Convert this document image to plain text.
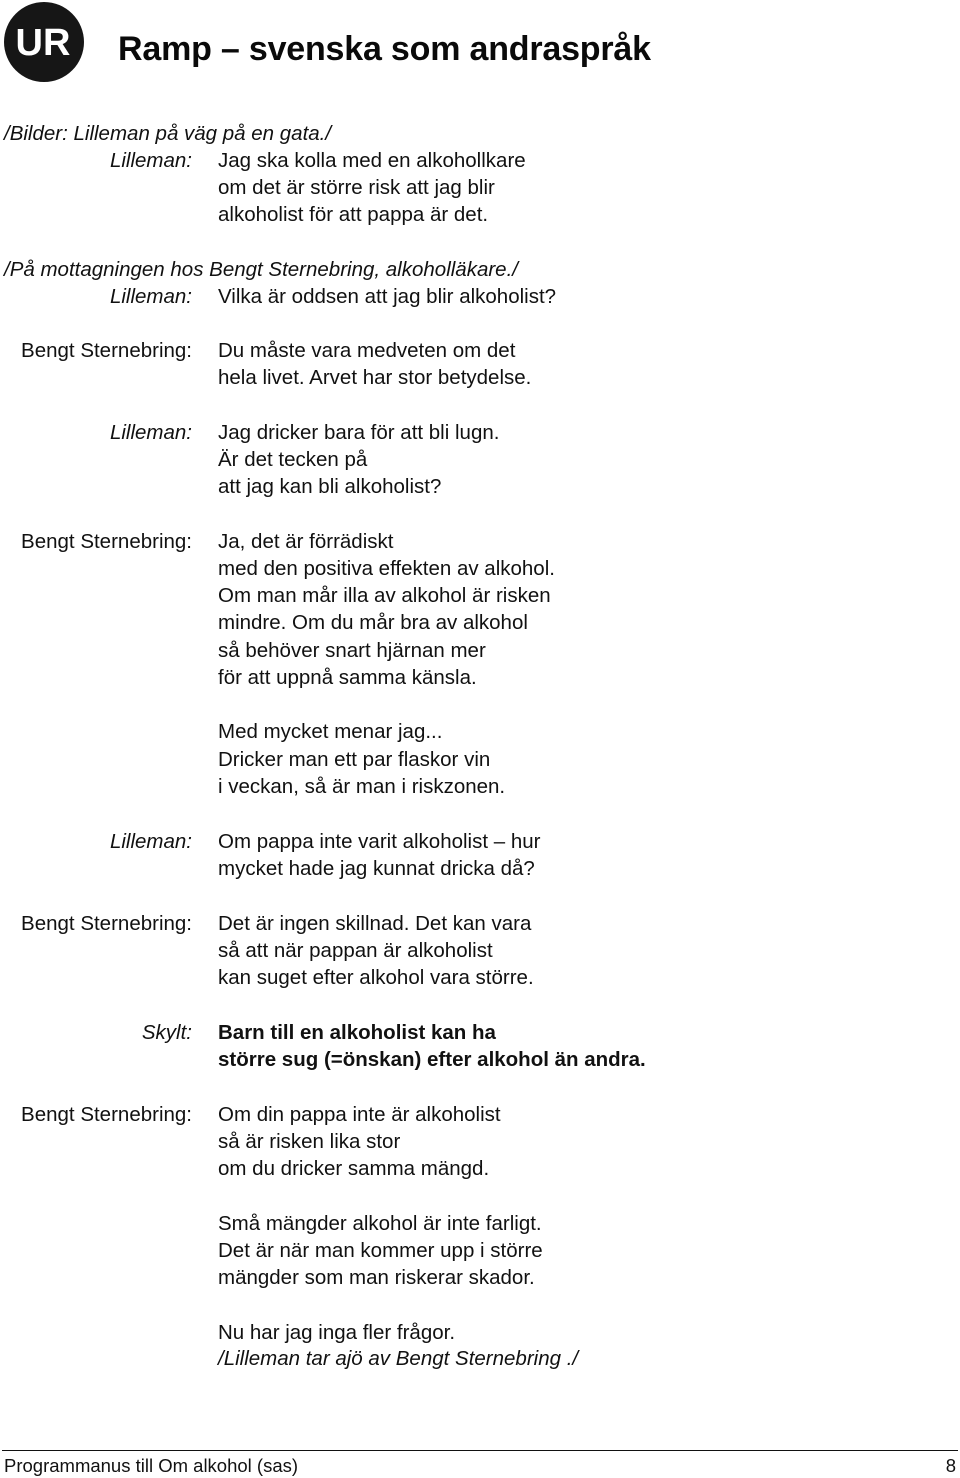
UR Ramp – svenska som andraspråk
/Bilder: Lilleman på väg på en gata./
Lilleman: Jag ska kolla med en alkohollkare
om det är större risk att jag blir
alkoholist för att pappa är det.
/På mottagningen hos Bengt Sternebring, alkoholläkare./
Lilleman: Vilka är oddsen att jag blir alkoholist?
Bengt Sternebring: Du måste vara medveten om det
hela livet. Arvet har stor betydelse.
Lilleman: Jag dricker bara för att bli lugn.
Är det tecken på
att jag kan bli alkoholist?
Bengt Sternebring: Ja, det är förrädiskt
med den positiva effekten av alkohol.
Om man mår illa av alkohol är risken
mindre. Om du mår bra av alkohol
så behöver snart hjärnan mer
för att uppnå samma känsla.
Med mycket menar jag...
Dricker man ett par flaskor vin
i veckan, så är man i riskzonen.
Lilleman: Om pappa inte varit alkoholist – hur
mycket hade jag kunnat dricka då?
Bengt Sternebring: Det är ingen skillnad. Det kan vara
så att när pappan är alkoholist
kan suget efter alkohol vara större.
Skylt: Barn till en alkoholist kan ha
större sug (=önskan) efter alkohol än andra.
Bengt Sternebring: Om din pappa inte är alkoholist
så är risken lika stor
om du dricker samma mängd.
Små mängder alkohol är inte farligt.
Det är när man kommer upp i större
mängder som man riskerar skador.
Nu har jag inga fler frågor.
/Lilleman tar ajö av Bengt Sternebring ./
Programmanus till Om alkohol (sas)	8
